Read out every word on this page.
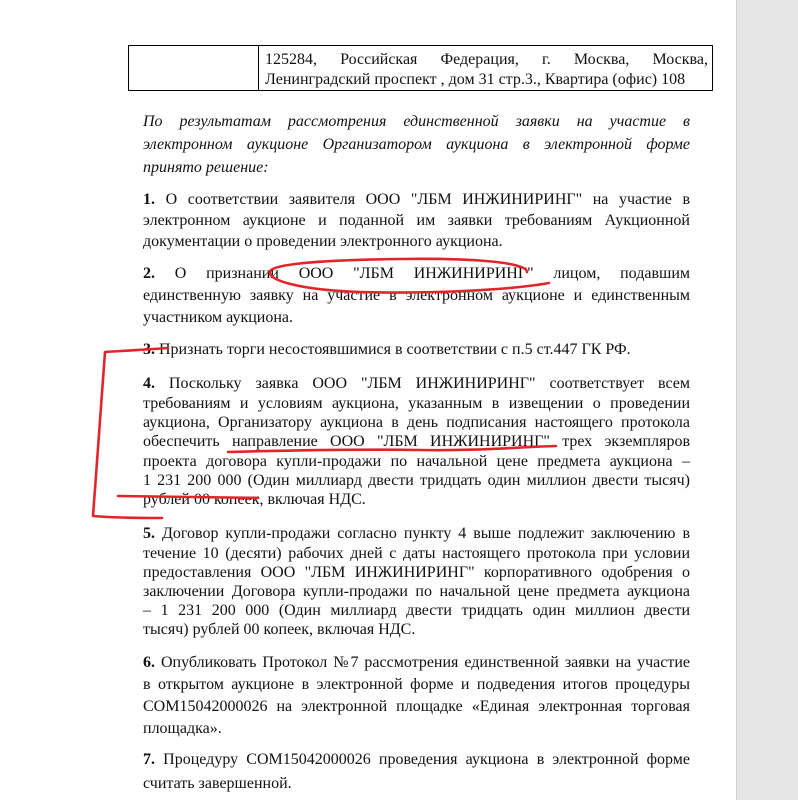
125284, Российская Федерация, г. Москва, Москва,
Ленинградский проспект , дом 31 стр.3., Квартира (офис) 108
По результатам рассмотрения единственной заявки на участие в
электронном аукционе Организатором аукциона в электронной форме
принято решение:
1. О соответствии заявителя ООО "ЛБМ ИНЖИНИРИНГ" на участие в
электронном аукционе и поданной им заявки требованиям Аукционной
документации о проведении электронного аукциона.
2. О признании ООО "ЛБМ ИНЖИНИРИНГ" лицом, подавшим
единственную заявку на участие в электронном аукционе и единственным
участником аукциона.
3. Признать торги несостоявшимися в соответствии с п.5 ст.447 ГК РФ.
4. Поскольку заявка ООО "ЛБМ ИНЖИНИРИНГ" соответствует всем
требованиям и условиям аукциона, указанным в извещении о проведении
аукциона, Организатору аукциона в день подписания настоящего протокола
обеспечить направление ООО "ЛБМ ИНЖИНИРИНГ" трех экземпляров
проекта договора купли-продажи по начальной цене предмета аукциона –
1 231 200 000 (Один миллиард двести тридцать один миллион двести тысяч)
рублей 00 копеек, включая НДС.
5. Договор купли-продажи согласно пункту 4 выше подлежит заключению в
течение 10 (десяти) рабочих дней с даты настоящего протокола при условии
предоставления ООО "ЛБМ ИНЖИНИРИНГ" корпоративного одобрения о
заключении Договора купли-продажи по начальной цене предмета аукциона
– 1 231 200 000 (Один миллиард двести тридцать один миллион двести
тысяч) рублей 00 копеек, включая НДС.
6. Опубликовать Протокол №7 рассмотрения единственной заявки на участие
в открытом аукционе в электронной форме и подведения итогов процедуры
COM15042000026 на электронной площадке «Единая электронная торговая
площадка».
7. Процедуру COM15042000026 проведения аукциона в электронной форме
считать завершенной.
